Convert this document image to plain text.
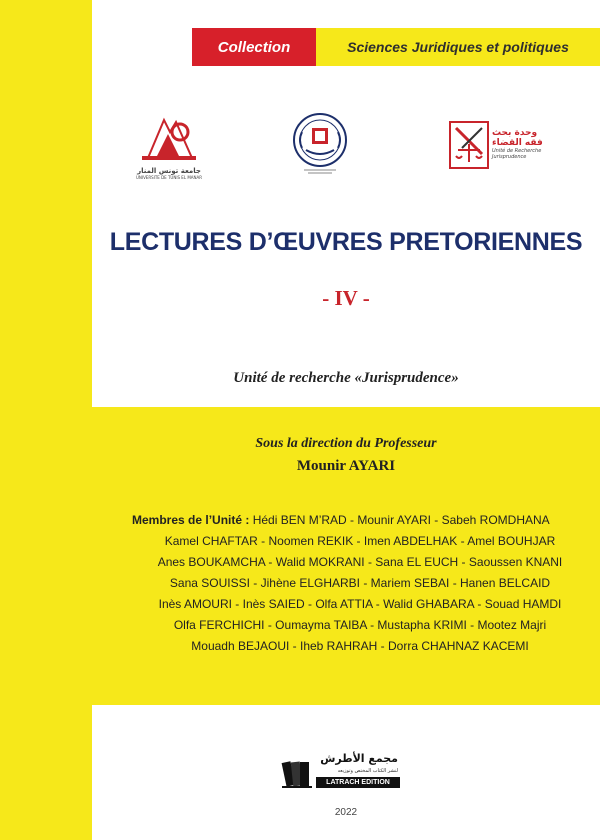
Collection	Sciences Juridiques et politiques
جامعة تونس المنار
UNIVERSITE DE TUNIS EL MANAR
وحدة بحث فقه القضاء
Unité de Recherche Jurisprudence
LECTURES D’ŒUVRES PRETORIENNES
- IV -
Unité de recherche «Jurisprudence»
Sous la direction du Professeur
Mounir AYARI
Membres de l’Unité : Hédi BEN M’RAD - Mounir AYARI - Sabeh ROMDHANA
Kamel CHAFTAR - Noomen REKIK - Imen ABDELHAK - Amel BOUHJAR
Anes BOUKAMCHA - Walid MOKRANI - Sana EL EUCH - Saoussen KNANI
Sana SOUISSI - Jihène ELGHARBI - Mariem SEBAI - Hanen BELCAID
Inès AMOURI - Inès SAIED - Olfa ATTIA - Walid GHABARA - Souad HAMDI
Olfa FERCHICHI - Oumayma TAIBA - Mustapha KRIMI - Mootez Majri
Mouadh BEJAOUI - Iheb RAHRAH - Dorra CHAHNAZ KACEMI
مجمع الأطرش
لنشر الكتاب المختص وتوزيعه
LATRACH EDITION
2022
